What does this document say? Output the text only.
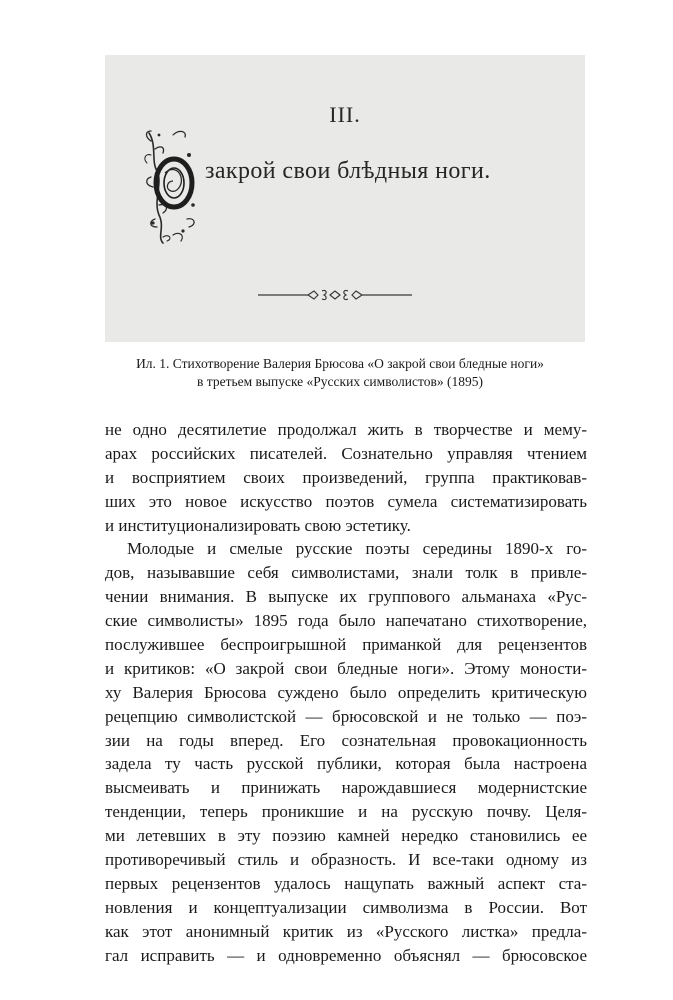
III.
O
закрой свои блѣдныя ноги.
Ил. 1. Стихотворение Валерия Брюсова «О закрой свои бледные ноги»
в третьем выпуске «Русских символистов» (1895)
не одно десятилетие продолжал жить в творчестве и мему-
арах российских писателей. Сознательно управляя чтением
и восприятием своих произведений, группа практиковав-
ших это новое искусство поэтов сумела систематизировать
и институционализировать свою эстетику.
Молодые и смелые русские поэты середины 1890-х го-
дов, называвшие себя символистами, знали толк в привле-
чении внимания. В выпуске их группового альманаха «Рус-
ские символисты» 1895 года было напечатано стихотворение,
послужившее беспроигрышной приманкой для рецензентов
и критиков: «О закрой свои бледные ноги». Этому моности-
ху Валерия Брюсова суждено было определить критическую
рецепцию символистской — брюсовской и не только — поэ-
зии на годы вперед. Его сознательная провокационность
задела ту часть русской публики, которая была настроена
высмеивать и принижать нарождавшиеся модернистские
тенденции, теперь проникшие и на русскую почву. Целя-
ми летевших в эту поэзию камней нередко становились ее
противоречивый стиль и образность. И все-таки одному из
первых рецензентов удалось нащупать важный аспект ста-
новления и концептуализации символизма в России. Вот
как этот анонимный критик из «Русского листка» предла-
гал исправить — и одновременно объяснял — брюсовское
